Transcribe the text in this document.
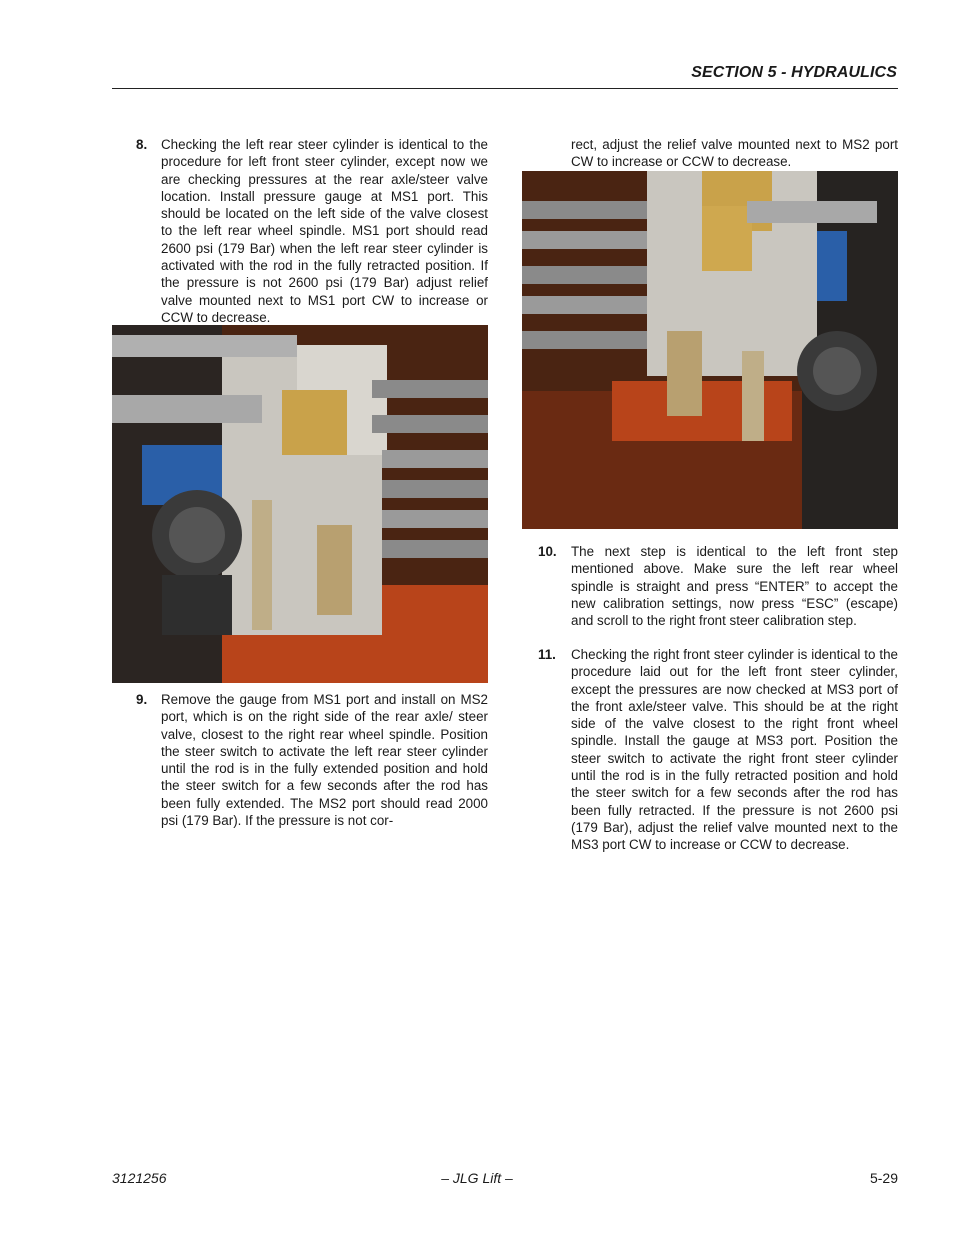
SECTION 5 - HYDRAULICS
8. Checking the left rear steer cylinder is identical to the procedure for left front steer cylinder, except now we are checking pressures at the rear axle/steer valve location. Install pressure gauge at MS1 port. This should be located on the left side of the valve closest to the left rear wheel spindle. MS1 port should read 2600 psi (179 Bar) when the left rear steer cylinder is activated with the rod in the fully retracted position. If the pressure is not 2600 psi (179 Bar) adjust relief valve mounted next to MS1 port CW to increase or CCW to decrease.
9. Remove the gauge from MS1 port and install on MS2 port, which is on the right side of the rear axle/ steer valve, closest to the right rear wheel spindle. Position the steer switch to activate the left rear steer cylinder until the rod is in the fully extended position and hold the steer switch for a few seconds after the rod has been fully extended. The MS2 port should read 2000 psi (179 Bar). If the pressure is not cor-
rect, adjust the relief valve mounted next to MS2 port CW to increase or CCW to decrease.
10. The next step is identical to the left front step mentioned above. Make sure the left rear wheel spindle is straight and press “ENTER” to accept the new calibration settings, now press “ESC” (escape) and scroll to the right front steer calibration step.
11. Checking the right front steer cylinder is identical to the procedure laid out for the left front steer cylinder, except the pressures are now checked at MS3 port of the front axle/steer valve. This should be at the right side of the valve closest to the right front wheel spindle. Install the gauge at MS3 port. Position the steer switch to activate the right front steer cylinder until the rod is in the fully retracted position and hold the steer switch for a few seconds after the rod has been fully retracted. If the pressure is not 2600 psi (179 Bar), adjust the relief valve mounted next to the MS3 port CW to increase or CCW to decrease.
3121256	– JLG Lift –	5-29
